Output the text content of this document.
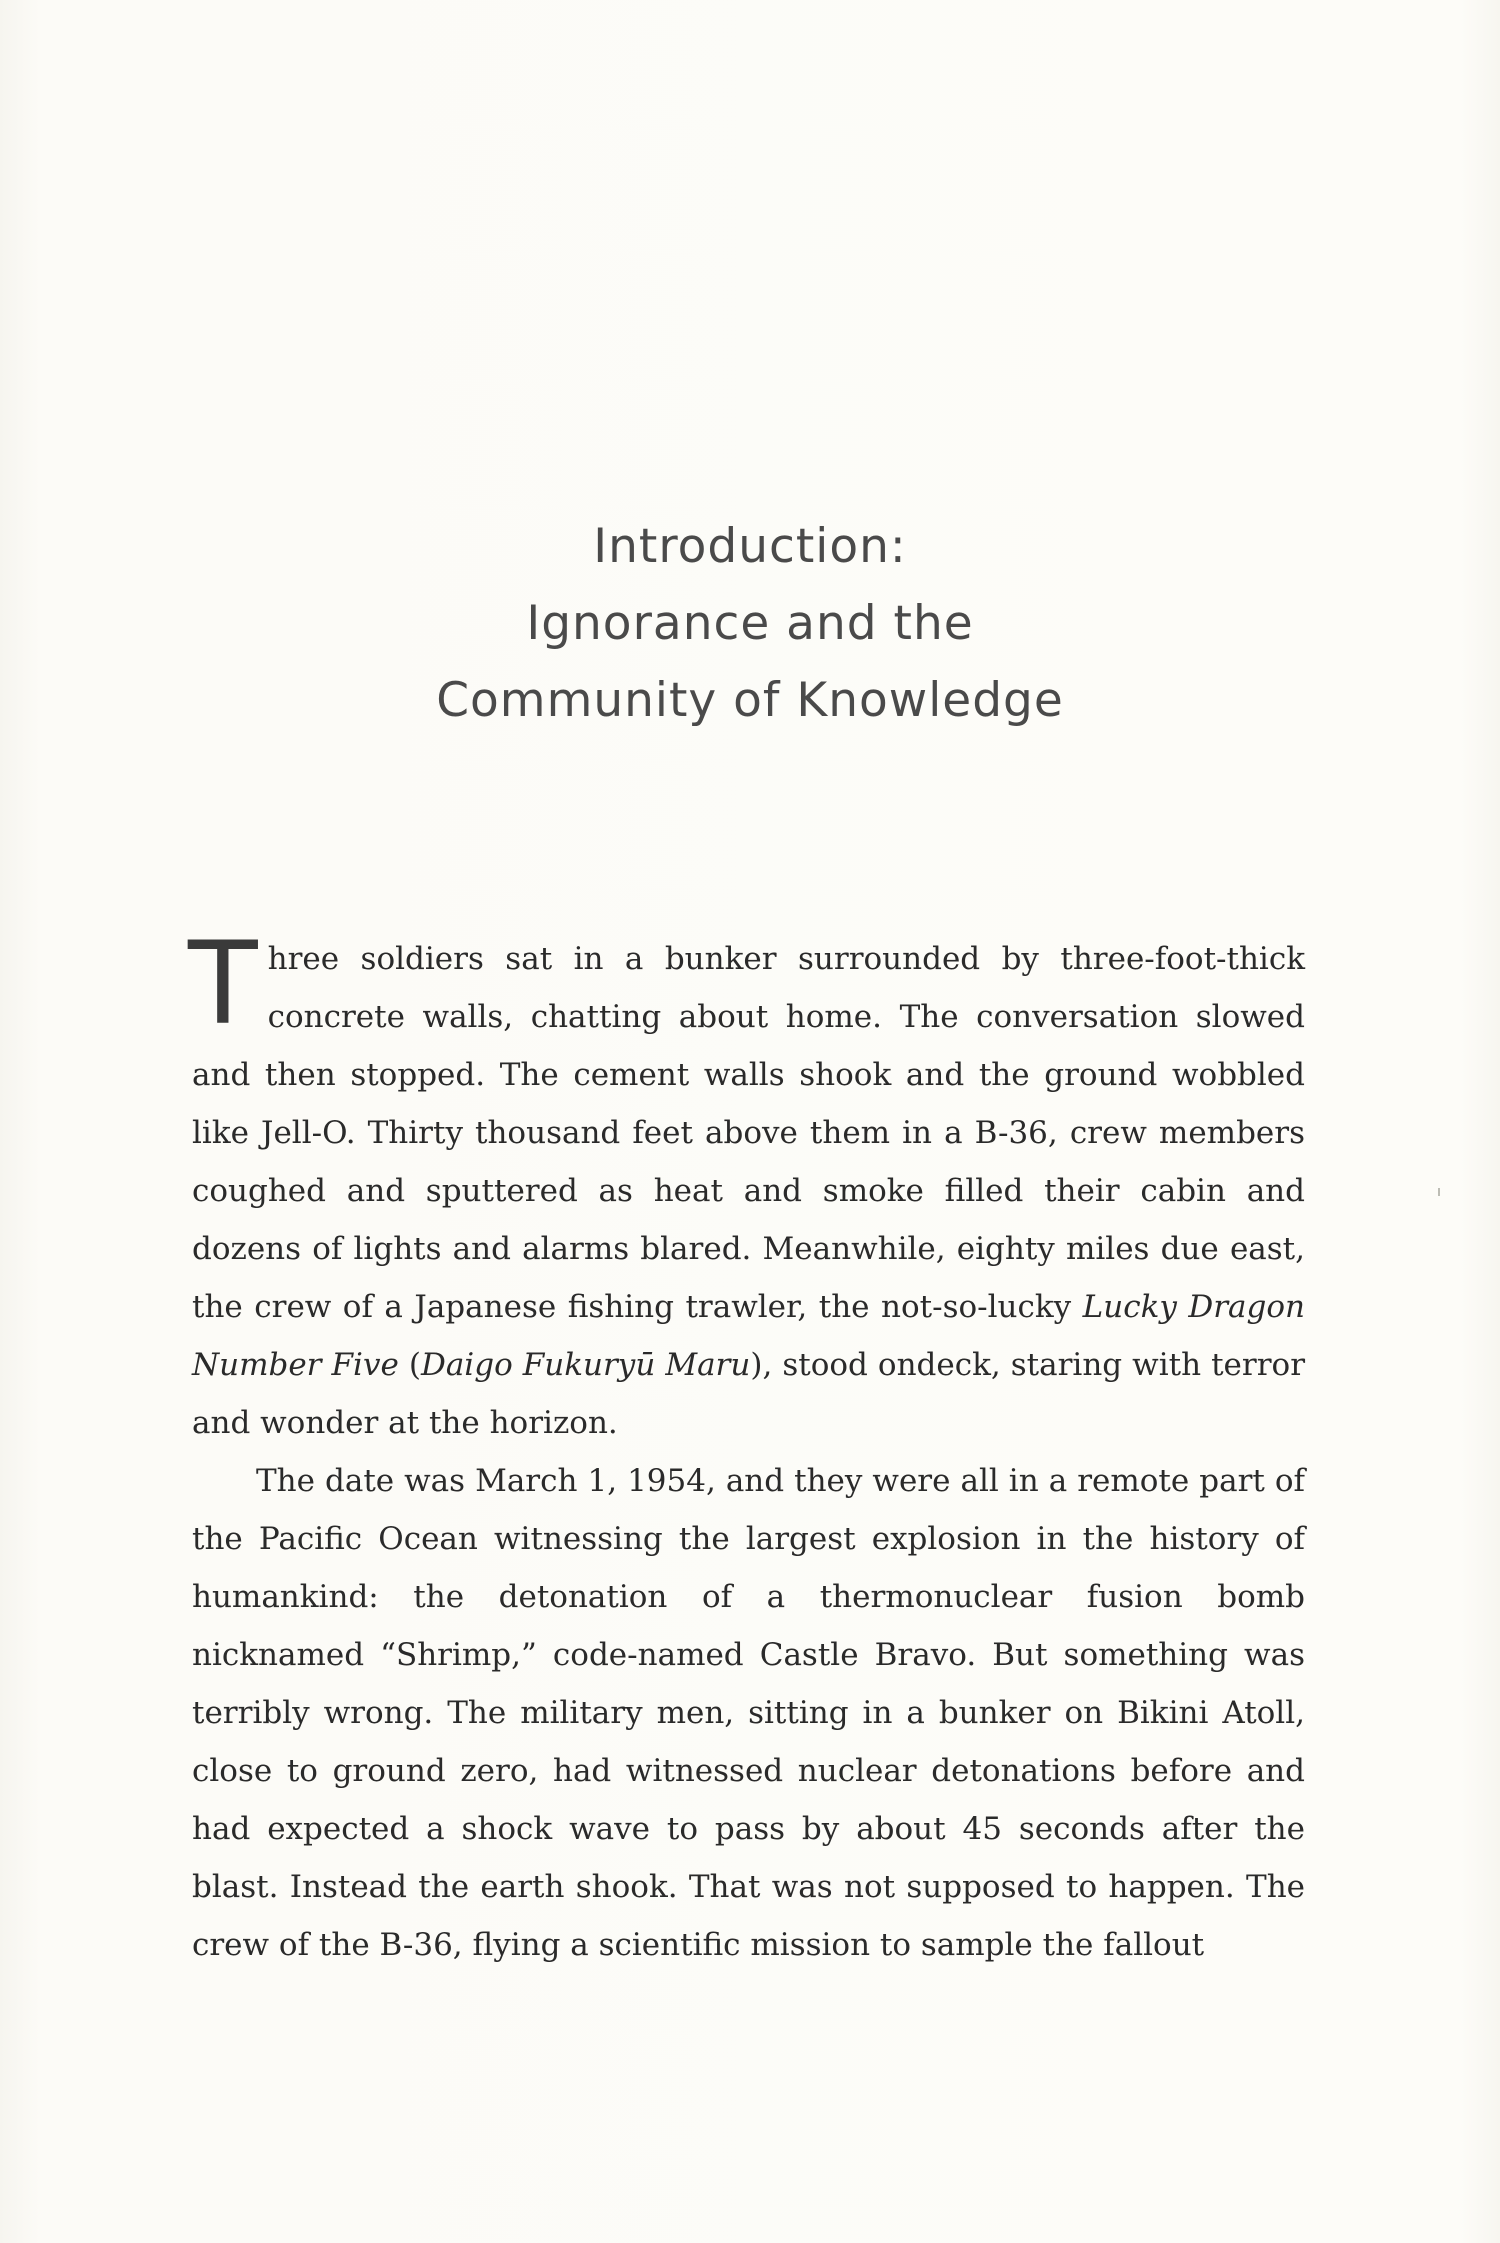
Introduction:
Ignorance and the
Community of Knowledge

Three soldiers sat in a bunker surrounded by three-foot-thick concrete walls, chatting about home. The conversation slowed and then stopped. The cement walls shook and the ground wobbled like Jell-O. Thirty thousand feet above them in a B-36, crew members coughed and sputtered as heat and smoke filled their cabin and dozens of lights and alarms blared. Meanwhile, eighty miles due east, the crew of a Japanese fishing trawler, the not-so-lucky Lucky Dragon Number Five (Daigo Fukuryū Maru), stood ondeck, staring with terror and wonder at the horizon.

The date was March 1, 1954, and they were all in a remote part of the Pacific Ocean witnessing the largest explosion in the history of humankind: the detonation of a thermonuclear fusion bomb nicknamed “Shrimp,” code-named Castle Bravo. But something was terribly wrong. The military men, sitting in a bunker on Bikini Atoll, close to ground zero, had witnessed nuclear detonations before and had expected a shock wave to pass by about 45 seconds after the blast. Instead the earth shook. That was not supposed to happen. The crew of the B-36, flying a scientific mission to sample the fallout
